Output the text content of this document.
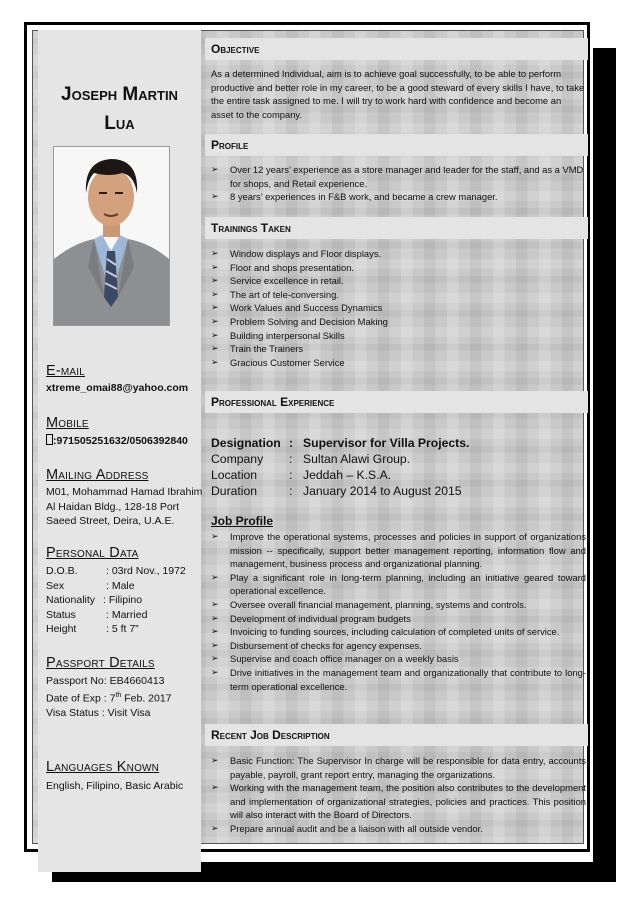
Joseph Martin
Lua
E-mail
xtreme_omai88@yahoo.com
Mobile
:971505251632/0506392840
Mailing Address
M01, Mohammad Hamad Ibrahim
Al Haidan Bldg., 128-18 Port
Saeed Street, Deira, U.A.E.
Personal Data
D.O.B.	: 03rd Nov., 1972
Sex	: Male
Nationality : Filipino
Status	: Married
Height	: 5 ft 7”
Passport Details
Passport No: EB4660413
Date of Exp : 7th Feb. 2017
Visa Status : Visit Visa
Languages Known
English, Filipino, Basic Arabic
Objective
As a determined Individual, aim is to achieve goal successfully, to be able to perform productive and better role in my career, to be a good steward of every skills I have, to take the entire task assigned to me. I will try to work hard with confidence and become an asset to the company.
Profile
➢ Over 12 years’ experience as a store manager and leader for the staff, and as a VMD for shops, and Retail experience.
➢ 8 years’ experiences in F&B work, and became a crew manager.
Trainings Taken
➢ Window displays and Floor displays.
➢ Floor and shops presentation.
➢ Service excellence in retail.
➢ The art of tele-conversing.
➢ Work Values and Success Dynamics
➢ Problem Solving and Decision Making
➢ Building interpersonal Skills
➢ Train the Trainers
➢ Gracious Customer Service
Professional Experience
Designation : Supervisor for Villa Projects.
Company	: Sultan Alawi Group.
Location	: Jeddah – K.S.A.
Duration	: January 2014 to August 2015
Job Profile
➢ Improve the operational systems, processes and policies in support of organizations mission -- specifically, support better management reporting, information flow and management, business process and organizational planning.
➢ Play a significant role in long-term planning, including an initiative geared toward operational excellence.
➢ Oversee overall financial management, planning, systems and controls.
➢ Development of individual program budgets
➢ Invoicing to funding sources, including calculation of completed units of service.
➢ Disbursement of checks for agency expenses.
➢ Supervise and coach office manager on a weekly basis
➢ Drive initiatives in the management team and organizationally that contribute to long-term operational excellence.
Recent Job Description
➢ Basic Function: The Supervisor In charge will be responsible for data entry, accounts payable, payroll, grant report entry, managing the organizations.
➢ Working with the management team, the position also contributes to the development and implementation of organizational strategies, policies and practices. This position will also interact with the Board of Directors.
➢ Prepare annual audit and be a liaison with all outside vendor.
